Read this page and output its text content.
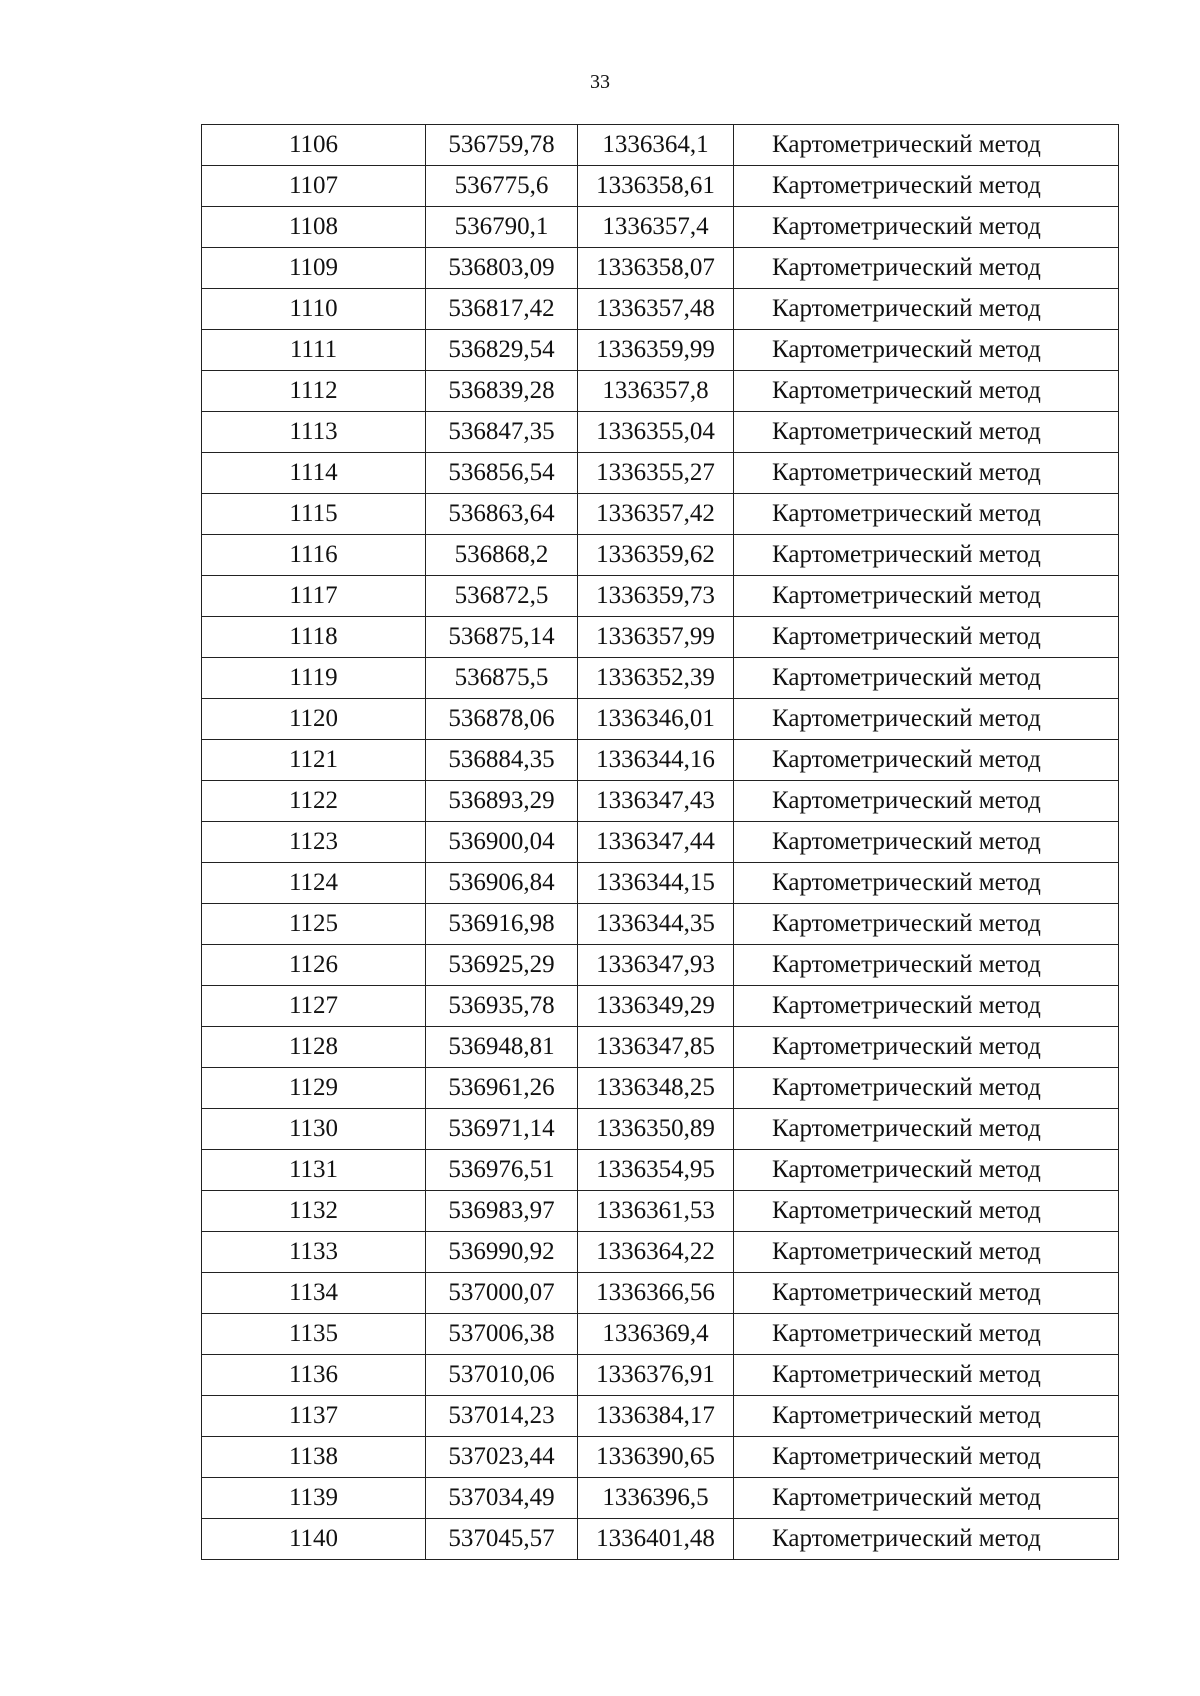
33
1106	536759,78	1336364,1	Картометрический метод
1107	536775,6	1336358,61	Картометрический метод
1108	536790,1	1336357,4	Картометрический метод
1109	536803,09	1336358,07	Картометрический метод
1110	536817,42	1336357,48	Картометрический метод
1111	536829,54	1336359,99	Картометрический метод
1112	536839,28	1336357,8	Картометрический метод
1113	536847,35	1336355,04	Картометрический метод
1114	536856,54	1336355,27	Картометрический метод
1115	536863,64	1336357,42	Картометрический метод
1116	536868,2	1336359,62	Картометрический метод
1117	536872,5	1336359,73	Картометрический метод
1118	536875,14	1336357,99	Картометрический метод
1119	536875,5	1336352,39	Картометрический метод
1120	536878,06	1336346,01	Картометрический метод
1121	536884,35	1336344,16	Картометрический метод
1122	536893,29	1336347,43	Картометрический метод
1123	536900,04	1336347,44	Картометрический метод
1124	536906,84	1336344,15	Картометрический метод
1125	536916,98	1336344,35	Картометрический метод
1126	536925,29	1336347,93	Картометрический метод
1127	536935,78	1336349,29	Картометрический метод
1128	536948,81	1336347,85	Картометрический метод
1129	536961,26	1336348,25	Картометрический метод
1130	536971,14	1336350,89	Картометрический метод
1131	536976,51	1336354,95	Картометрический метод
1132	536983,97	1336361,53	Картометрический метод
1133	536990,92	1336364,22	Картометрический метод
1134	537000,07	1336366,56	Картометрический метод
1135	537006,38	1336369,4	Картометрический метод
1136	537010,06	1336376,91	Картометрический метод
1137	537014,23	1336384,17	Картометрический метод
1138	537023,44	1336390,65	Картометрический метод
1139	537034,49	1336396,5	Картометрический метод
1140	537045,57	1336401,48	Картометрический метод
